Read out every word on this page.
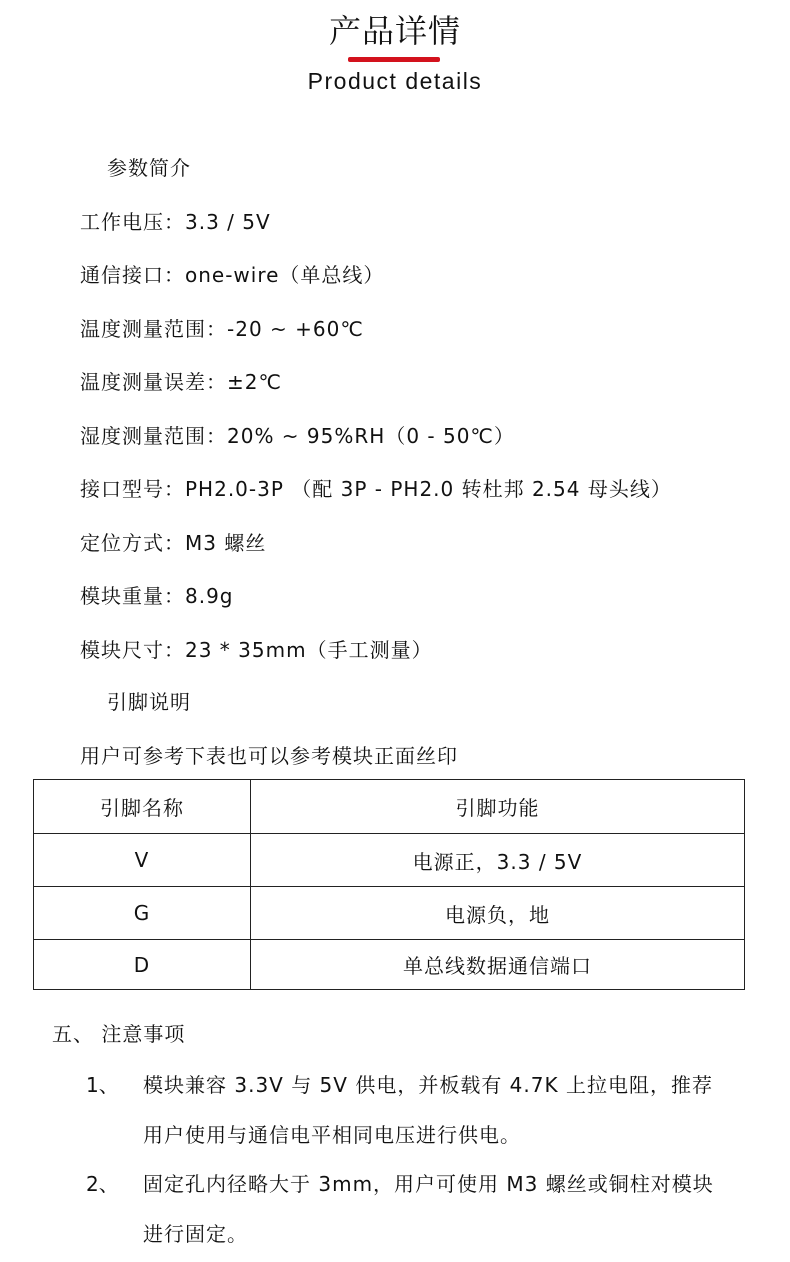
产品详情
Product details
参数简介
工作电压：3.3 / 5V
通信接口：one-wire（单总线）
温度测量范围：-20 ~ +60℃
温度测量误差：±2℃
湿度测量范围：20% ~ 95%RH（0 - 50℃）
接口型号：PH2.0-3P （配 3P - PH2.0 转杜邦 2.54 母头线）
定位方式：M3 螺丝
模块重量：8.9g
模块尺寸：23 * 35mm（手工测量）
引脚说明
用户可参考下表也可以参考模块正面丝印
引脚名称	引脚功能
V	电源正，3.3 / 5V
G	电源负，地
D	单总线数据通信端口
五、 注意事项
1、 模块兼容 3.3V 与 5V 供电，并板载有 4.7K 上拉电阻，推荐
用户使用与通信电平相同电压进行供电。
2、 固定孔内径略大于 3mm，用户可使用 M3 螺丝或铜柱对模块
进行固定。
